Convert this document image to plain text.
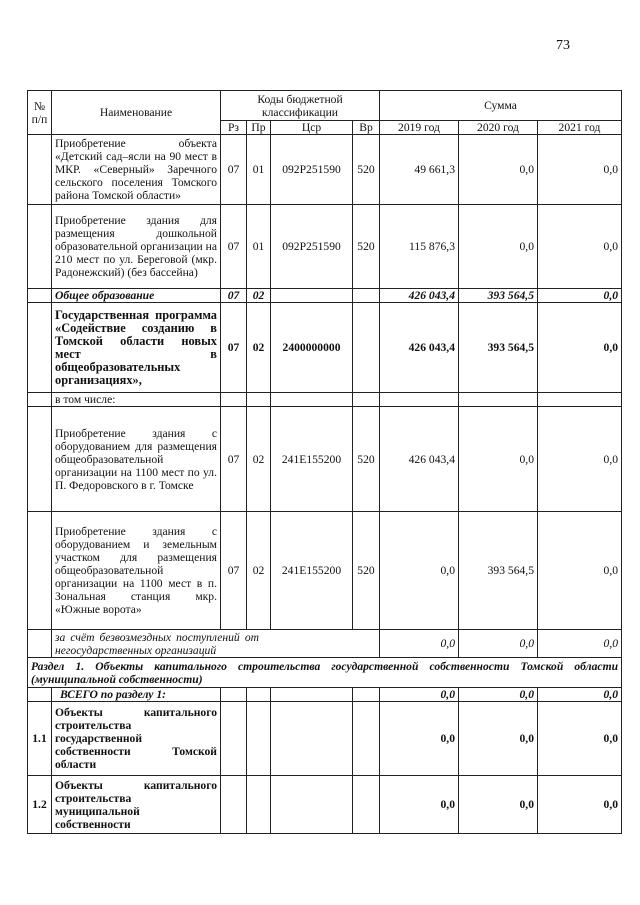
73
№ п/п	Наименование	Коды бюджетной классификации				Сумма		
		Рз	Пр	Цср	Вр	2019 год	2020 год	2021 год
	Приобретение объекта «Детский сад–ясли на 90 мест в МКР. «Северный» Заречного сельского поселения Томского района Томской области»	07	01	092Р251590	520	49 661,3	0,0	0,0
	Приобретение здания для размещения дошкольной образовательной организации на 210 мест по ул. Береговой (мкр. Радонежский) (без бассейна)	07	01	092Р251590	520	115 876,3	0,0	0,0
	Общее образование	07	02			426 043,4	393 564,5	0,0
	Государственная программа «Содействие созданию в Томской области новых мест в общеобразовательных организациях»,	07	02	2400000000		426 043,4	393 564,5	0,0
	в том числе:							
	Приобретение здания с оборудованием для размещения общеобразовательной организации на 1100 мест по ул. П. Федоровского в г. Томске	07	02	241Е155200	520	426 043,4	0,0	0,0
	Приобретение здания с оборудованием и земельным участком для размещения общеобразовательной организации на 1100 мест в п. Зональная станция мкр. «Южные ворота»	07	02	241Е155200	520	0,0	393 564,5	0,0
	за счёт безвозмездных поступлений от негосударственных организаций					0,0	0,0	0,0
Раздел 1. Объекты капитального строительства государственной собственности Томской области (муниципальной собственности)								
	ВСЕГО по разделу 1:					0,0	0,0	0,0
1.1	Объекты капитального строительства государственной собственности Томской области					0,0	0,0	0,0
1.2	Объекты капитального строительства муниципальной собственности					0,0	0,0	0,0
